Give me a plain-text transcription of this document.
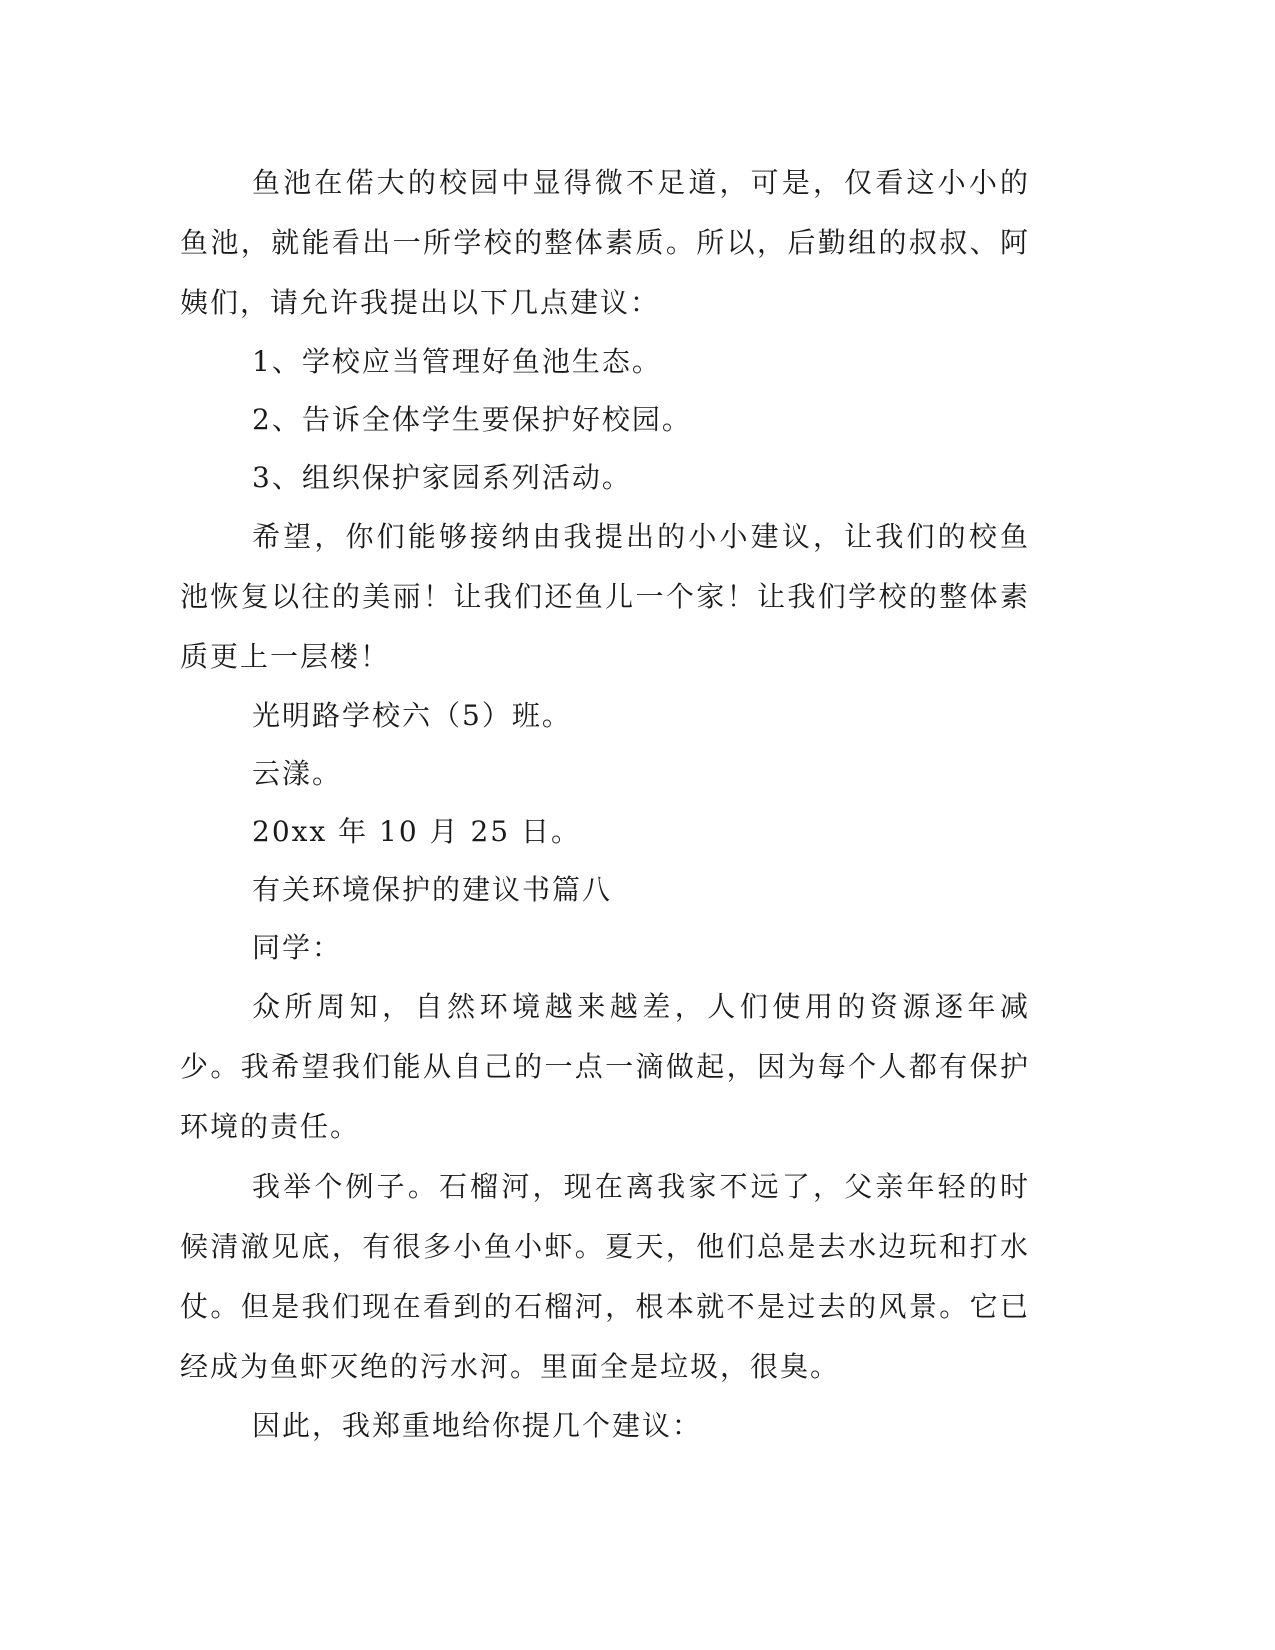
鱼池在偌大的校园中显得微不足道，可是，仅看这小小的鱼池，就能看出一所学校的整体素质。所以，后勤组的叔叔、阿姨们，请允许我提出以下几点建议：

1、学校应当管理好鱼池生态。

2、告诉全体学生要保护好校园。

3、组织保护家园系列活动。

希望，你们能够接纳由我提出的小小建议，让我们的校鱼池恢复以往的美丽！让我们还鱼儿一个家！让我们学校的整体素质更上一层楼！

光明路学校六（5）班。

云漾。

20xx 年 10 月 25 日。

有关环境保护的建议书篇八

同学：

众所周知，自然环境越来越差，人们使用的资源逐年减少。我希望我们能从自己的一点一滴做起，因为每个人都有保护环境的责任。

我举个例子。石榴河，现在离我家不远了，父亲年轻的时候清澈见底，有很多小鱼小虾。夏天，他们总是去水边玩和打水仗。但是我们现在看到的石榴河，根本就不是过去的风景。它已经成为鱼虾灭绝的污水河。里面全是垃圾，很臭。

因此，我郑重地给你提几个建议：
